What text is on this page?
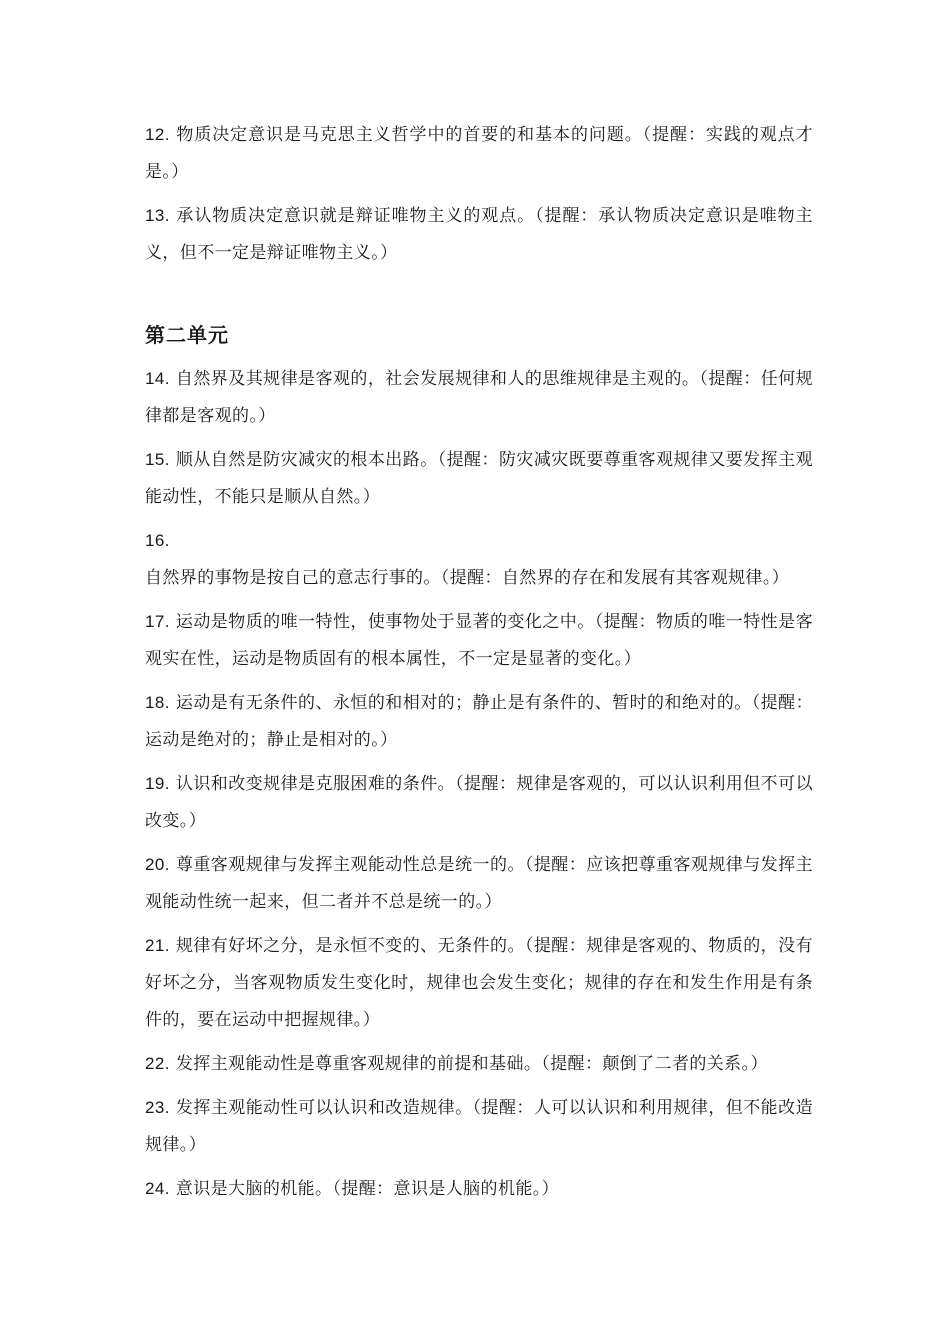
12. 物质决定意识是马克思主义哲学中的首要的和基本的问题。（提醒：实践的观点才是。）

13. 承认物质决定意识就是辩证唯物主义的观点。（提醒：承认物质决定意识是唯物主义，但不一定是辩证唯物主义。）

第二单元

14. 自然界及其规律是客观的，社会发展规律和人的思维规律是主观的。（提醒：任何规律都是客观的。）

15. 顺从自然是防灾减灾的根本出路。（提醒：防灾减灾既要尊重客观规律又要发挥主观能动性，不能只是顺从自然。）

16.自然界的事物是按自己的意志行事的。（提醒：自然界的存在和发展有其客观规律。）

17. 运动是物质的唯一特性，使事物处于显著的变化之中。（提醒：物质的唯一特性是客观实在性，运动是物质固有的根本属性，不一定是显著的变化。）

18. 运动是有无条件的、永恒的和相对的；静止是有条件的、暂时的和绝对的。（提醒：运动是绝对的；静止是相对的。）

19. 认识和改变规律是克服困难的条件。（提醒：规律是客观的，可以认识利用但不可以改变。）

20. 尊重客观规律与发挥主观能动性总是统一的。（提醒：应该把尊重客观规律与发挥主观能动性统一起来，但二者并不总是统一的。）

21. 规律有好坏之分，是永恒不变的、无条件的。（提醒：规律是客观的、物质的，没有好坏之分，当客观物质发生变化时，规律也会发生变化；规律的存在和发生作用是有条件的，要在运动中把握规律。）

22. 发挥主观能动性是尊重客观规律的前提和基础。（提醒：颠倒了二者的关系。）

23. 发挥主观能动性可以认识和改造规律。（提醒：人可以认识和利用规律，但不能改造规律。）

24. 意识是大脑的机能。（提醒：意识是人脑的机能。）
